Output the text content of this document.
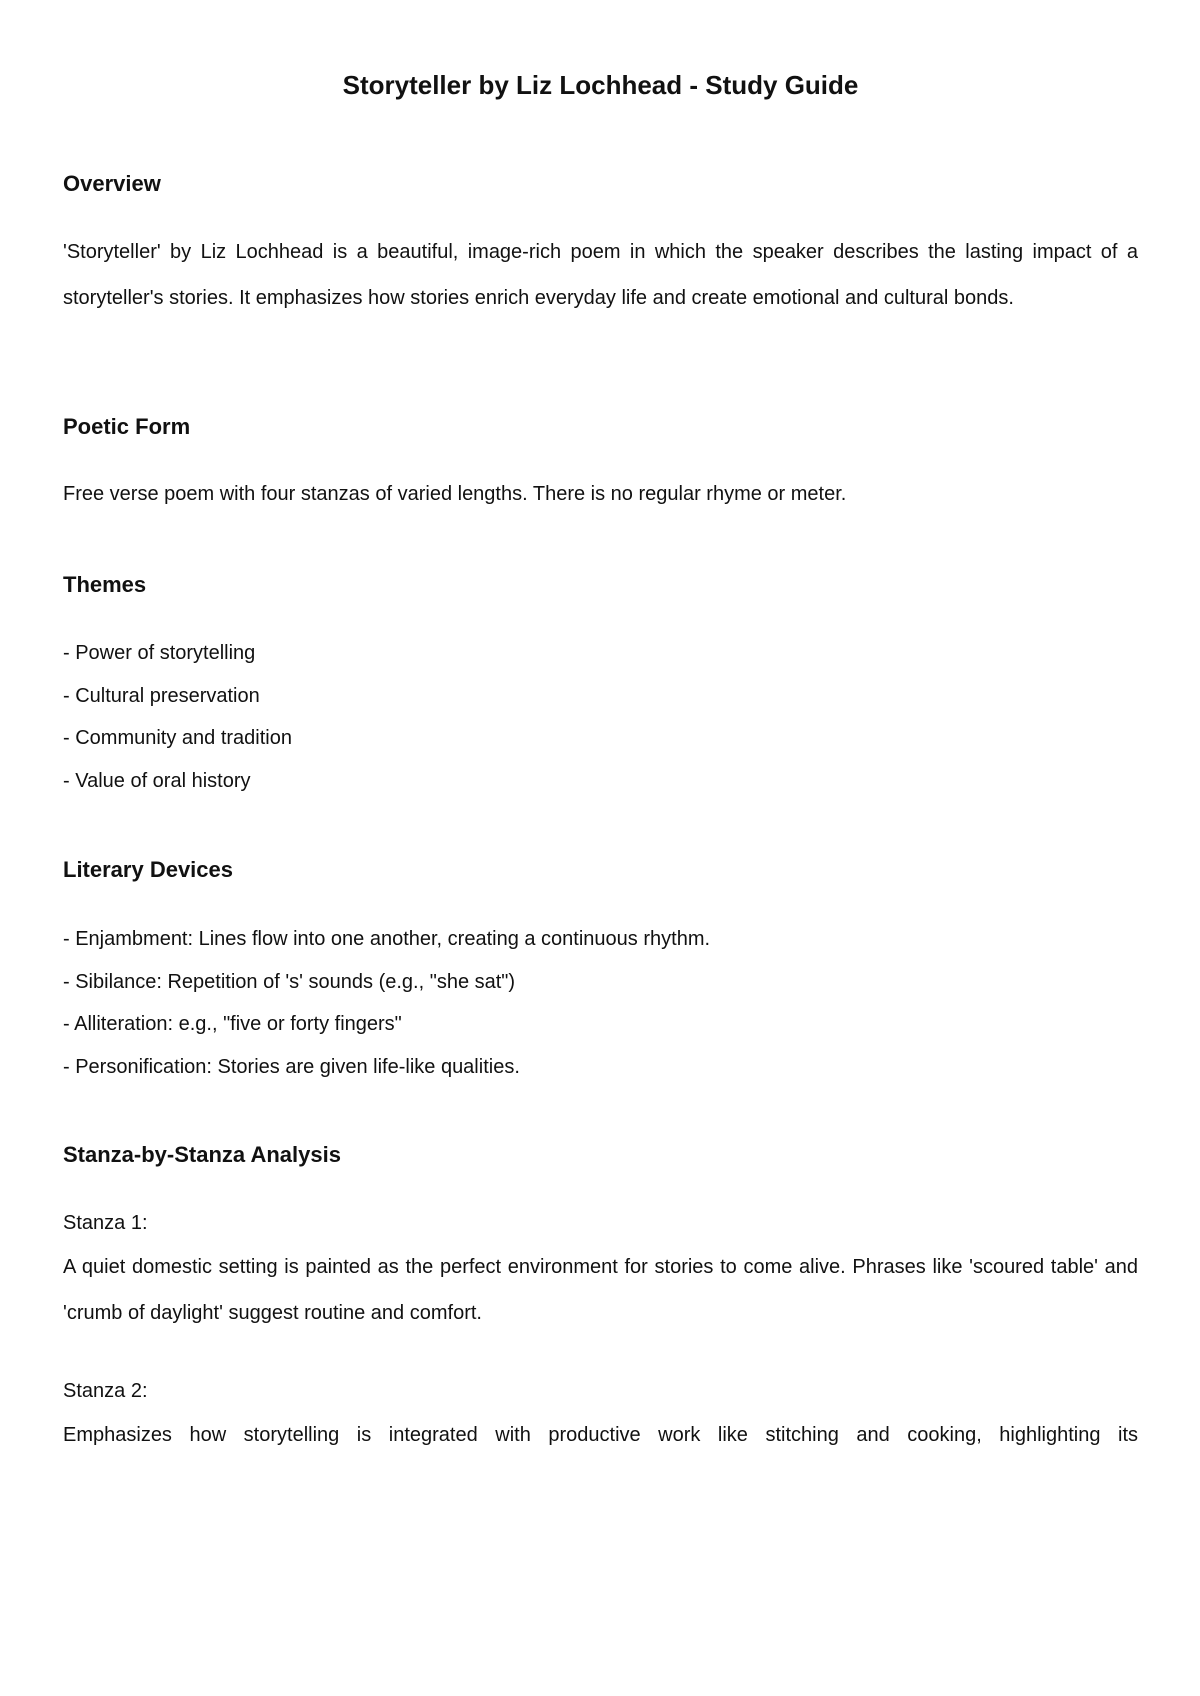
Storyteller by Liz Lochhead - Study Guide
Overview

'Storyteller' by Liz Lochhead is a beautiful, image-rich poem in which the speaker describes the lasting impact of a storyteller's stories. It emphasizes how stories enrich everyday life and create emotional and cultural bonds.

Poetic Form

Free verse poem with four stanzas of varied lengths. There is no regular rhyme or meter.

Themes

- Power of storytelling

- Cultural preservation

- Community and tradition

- Value of oral history

Literary Devices

- Enjambment: Lines flow into one another, creating a continuous rhythm.

- Sibilance: Repetition of 's' sounds (e.g., "she sat")

- Alliteration: e.g., "five or forty fingers"

- Personification: Stories are given life-like qualities.

Stanza-by-Stanza Analysis

Stanza 1:

A quiet domestic setting is painted as the perfect environment for stories to come alive. Phrases like 'scoured table' and 'crumb of daylight' suggest routine and comfort.

Stanza 2:

Emphasizes how storytelling is integrated with productive work like stitching and cooking, highlighting its
